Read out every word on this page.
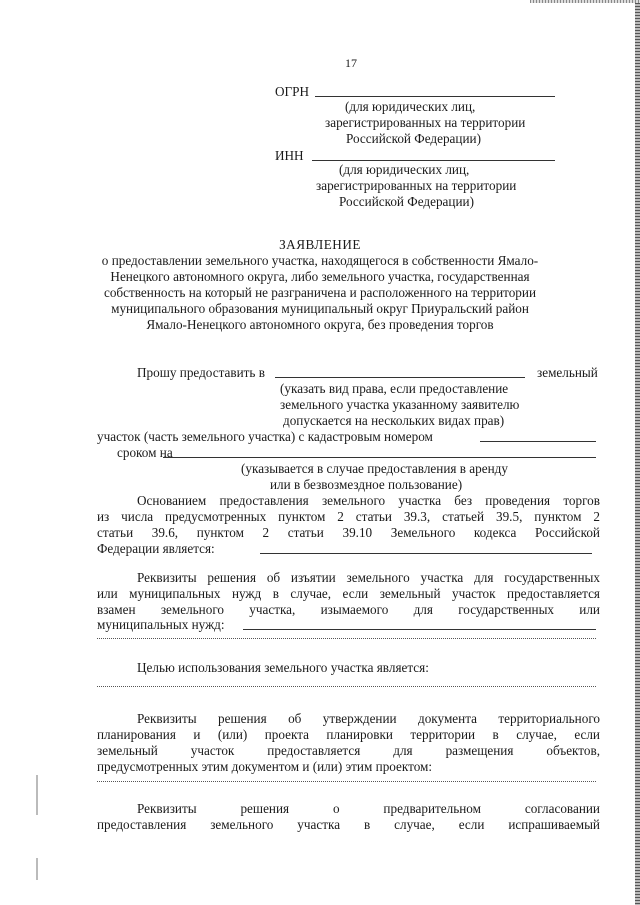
17
ОГРН
(для юридических лиц,
зарегистрированных на территории
Российской Федерации)
ИНН
(для юридических лиц,
зарегистрированных на территории
Российской Федерации)
ЗАЯВЛЕНИЕ
о предоставлении земельного участка, находящегося в собственности Ямало-
Ненецкого автономного округа, либо земельного участка, государственная
собственность на который не разграничена и расположенного на территории
муниципального образования муниципальный округ Приуральский район
Ямало-Ненецкого автономного округа, без проведения торгов
Прошу предоставить в	земельный
(указать вид права, если предоставление
земельного участка указанному заявителю
допускается на нескольких видах прав)
участок (часть земельного участка) с кадастровым номером
сроком на
(указывается в случае предоставления в аренду
или в безвозмездное пользование)
Основанием предоставления земельного участка без проведения торгов
из числа предусмотренных пунктом 2 статьи 39.3, статьей 39.5, пунктом 2
статьи 39.6, пунктом 2 статьи 39.10 Земельного кодекса Российской
Федерации является:
Реквизиты решения об изъятии земельного участка для государственных
или муниципальных нужд в случае, если земельный участок предоставляется
взамен земельного участка, изымаемого для государственных или
муниципальных нужд:
Целью использования земельного участка является:
Реквизиты решения об утверждении документа территориального
планирования и (или) проекта планировки территории в случае, если
земельный участок предоставляется для размещения объектов,
предусмотренных этим документом и (или) этим проектом:
Реквизиты решения о предварительном согласовании
предоставления земельного участка в случае, если испрашиваемый
